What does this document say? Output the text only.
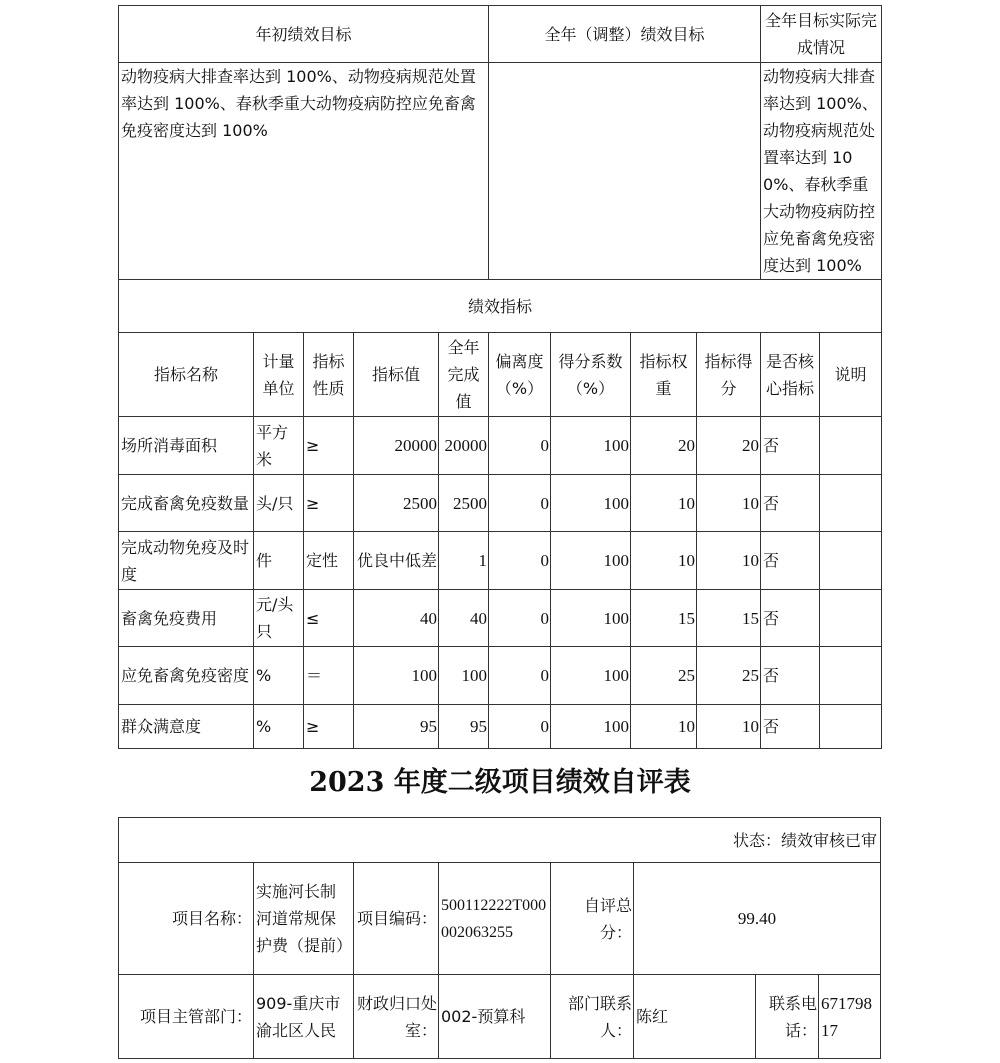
年初绩效目标					全年（调整）绩效目标				全年目标实际完成情况	
动物疫病大排查率达到 100%、动物疫病规范处置率达到 100%、春秋季重大动物疫病防控应免畜禽免疫密度达到 100%									动物疫病大排查率达到 100%、动物疫病规范处置率达到 100%、春秋季重大动物疫病防控应免畜禽免疫密度达到 100%	
绩效指标										
指标名称	计量单位	指标性质	指标值	全年完成值	偏离度（%）	得分系数（%）	指标权重	指标得分	是否核心指标	说明
场所消毒面积	平方米	≥	20000	20000	0	100	20	20	否	
完成畜禽免疫数量	头/只	≥	2500	2500	0	100	10	10	否	
完成动物免疫及时度	件	定性	优良中低差	1	0	100	10	10	否	
畜禽免疫费用	元/头只	≤	40	40	0	100	15	15	否	
应免畜禽免疫密度	%	＝	100	100	0	100	25	25	否	
群众满意度	%	≥	95	95	0	100	10	10	否	
2023 年度二级项目绩效自评表
状态：绩效审核已审							
项目名称：	实施河长制河道常规保护费（提前）	项目编码：	500112222T000002063255	自评总分：	99.40		
项目主管部门：	909-重庆市渝北区人民	财政归口处室：	002-预算科	部门联系人：	陈红	联系电话：	67179817
